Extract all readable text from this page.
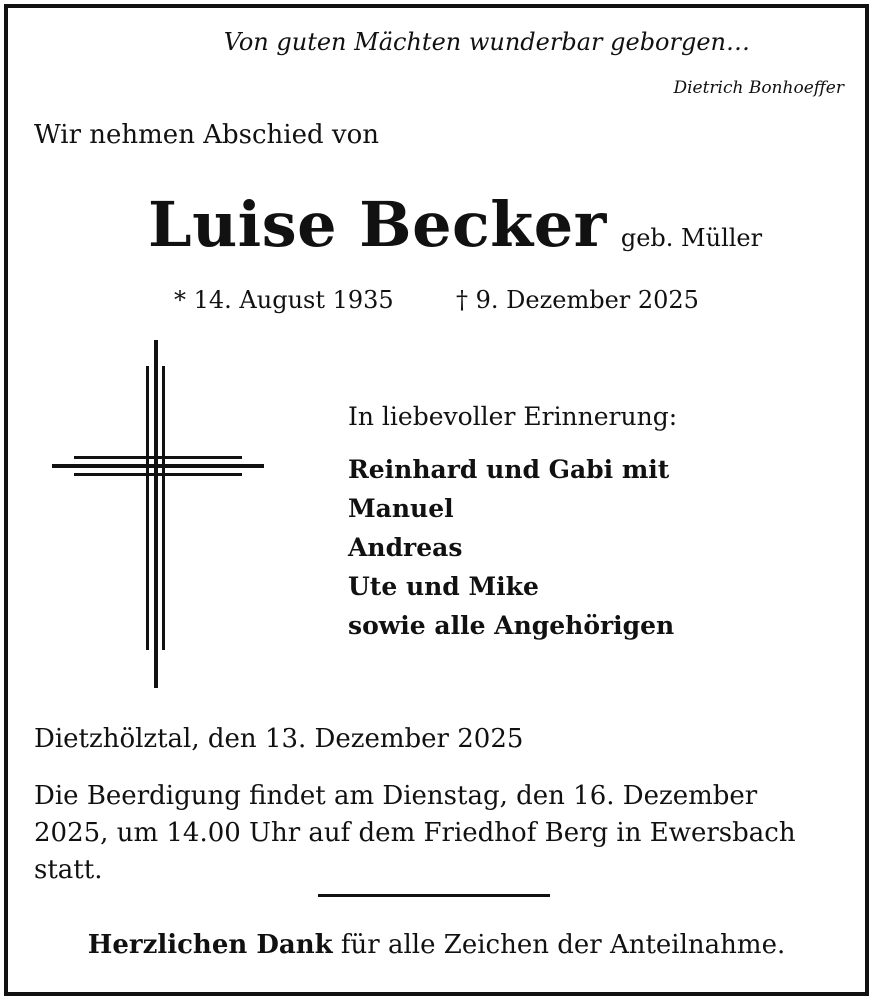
Von guten Mächten wunderbar geborgen…
Dietrich Bonhoeffer
Wir nehmen Abschied von
Luise Becker geb. Müller
* 14. August 1935	† 9. Dezember 2025
In liebevoller Erinnerung:
Reinhard und Gabi mit
Manuel
Andreas
Ute und Mike
sowie alle Angehörigen
Dietzhölztal, den 13. Dezember 2025
Die Beerdigung findet am Dienstag, den 16. Dezember 2025, um 14.00 Uhr auf dem Friedhof Berg in Ewersbach statt.
Herzlichen Dank für alle Zeichen der Anteilnahme.
